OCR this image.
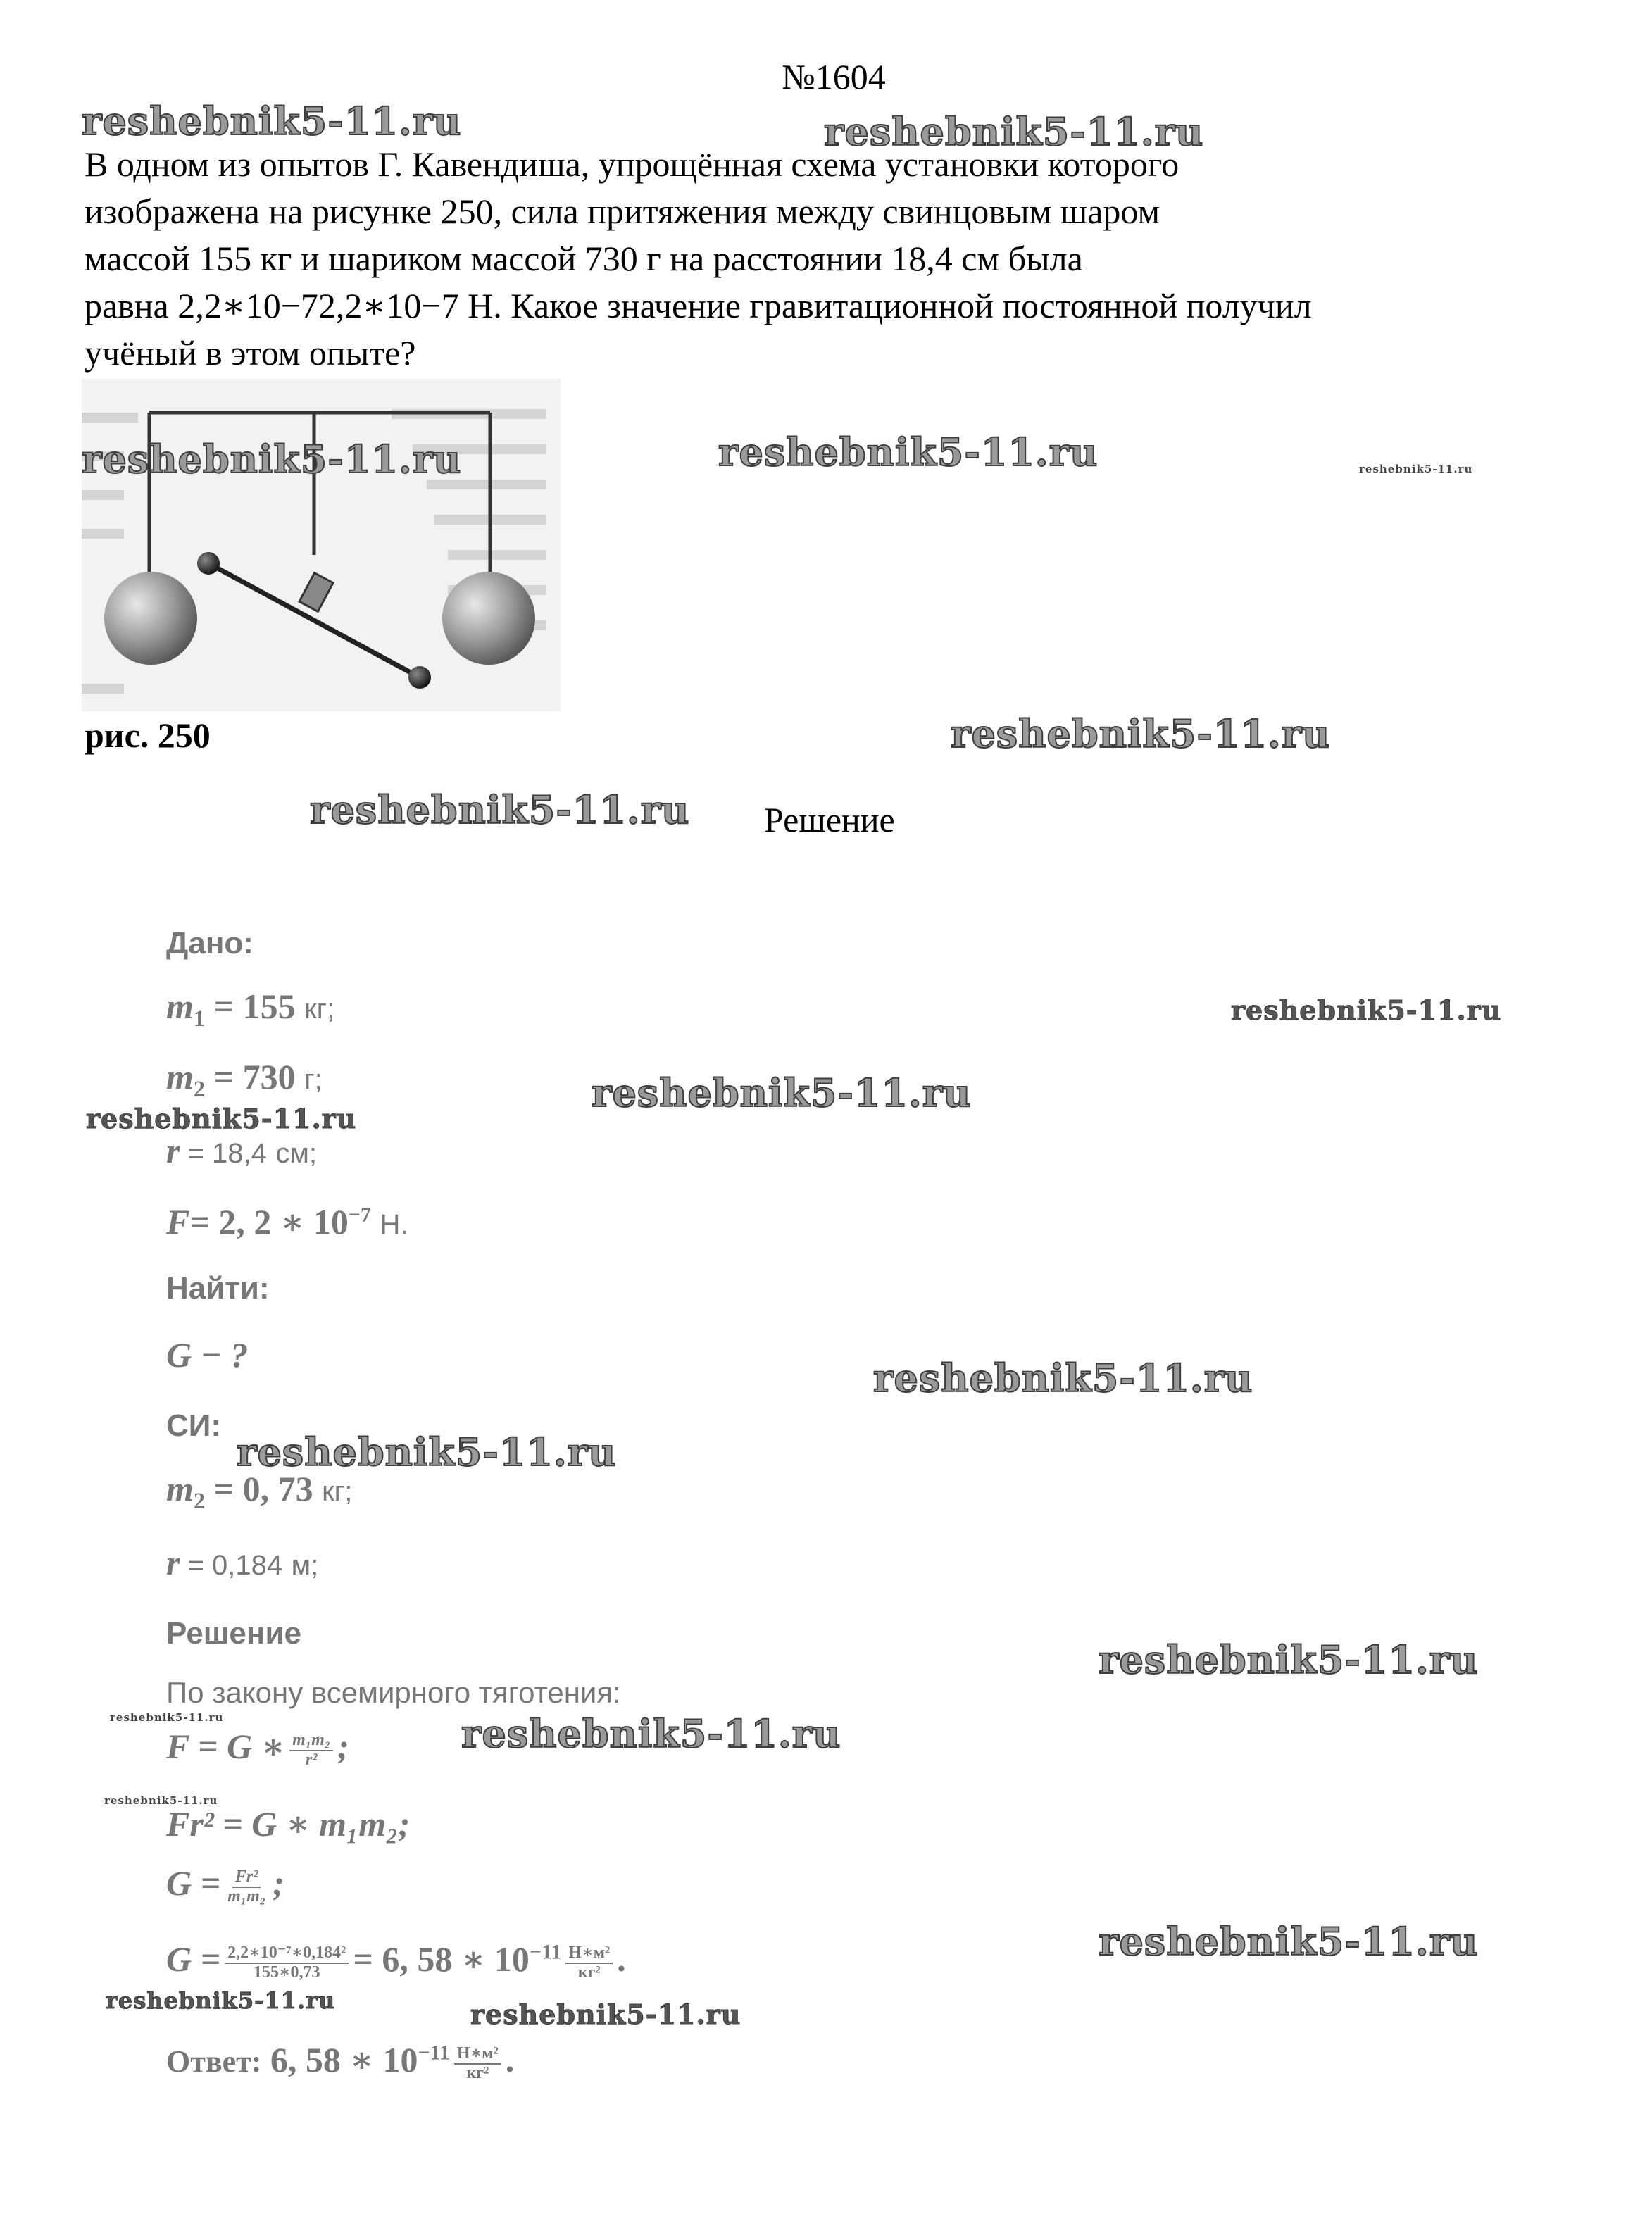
№1604
В одном из опытов Г. Кавендиша, упрощённая схема установки которого
изображена на рисунке 250, сила притяжения между свинцовым шаром
массой 155 кг и шариком массой 730 г на расстоянии 18,4 см была
равна 2,2∗10−72,2∗10−7 Н. Какое значение гравитационной постоянной получил
учёный в этом опыте?
рис. 250
Решение
Дано:
$m_1 = 155$ кг;
$m_2 = 730$ г;
r = 18,4 см;
F= 2, 2 ∗ $10^{-7}$ Н.
Найти:
G − ?
СИ:
$m_2 = 0$, 73 кг;
r = 0,184 м;
Решение
По закону всемирного тяготения:
F = G ∗ $\frac{\text{m₁m₂}}{\text{r²}}$ ;
Fr² = G ∗ m₁m₂;
$G = \frac{\text{Fr²}}{\text{m₁m₂}}$ ;
$G = \frac{\text{2,2∗10⁻⁷∗0,184²}}{155∗0,73} = 6$, 58 ∗ $10^{-11} \frac{\text{Н∗м²}}{\text{кг²}}$ .
Ответ: 6, 58 ∗ $10^{-11} \frac{\text{Н∗м²}}{\text{кг²}}$ .
reshebnik5-11.ru	reshebnik5-11.ru
reshebnik5-11.ru	reshebnik5-11.ru	reshebnik5-11.ru
reshebnik5-11.ru
reshebnik5-11.ru
reshebnik5-11.ru
reshebnik5-11.ru
reshebnik5-11.ru
reshebnik5-11.ru
reshebnik5-11.ru
reshebnik5-11.ru
reshebnik5-11.ru	reshebnik5-11.ru
reshebnik5-11.ru
reshebnik5-11.ru
reshebnik5-11.ru	reshebnik5-11.ru
